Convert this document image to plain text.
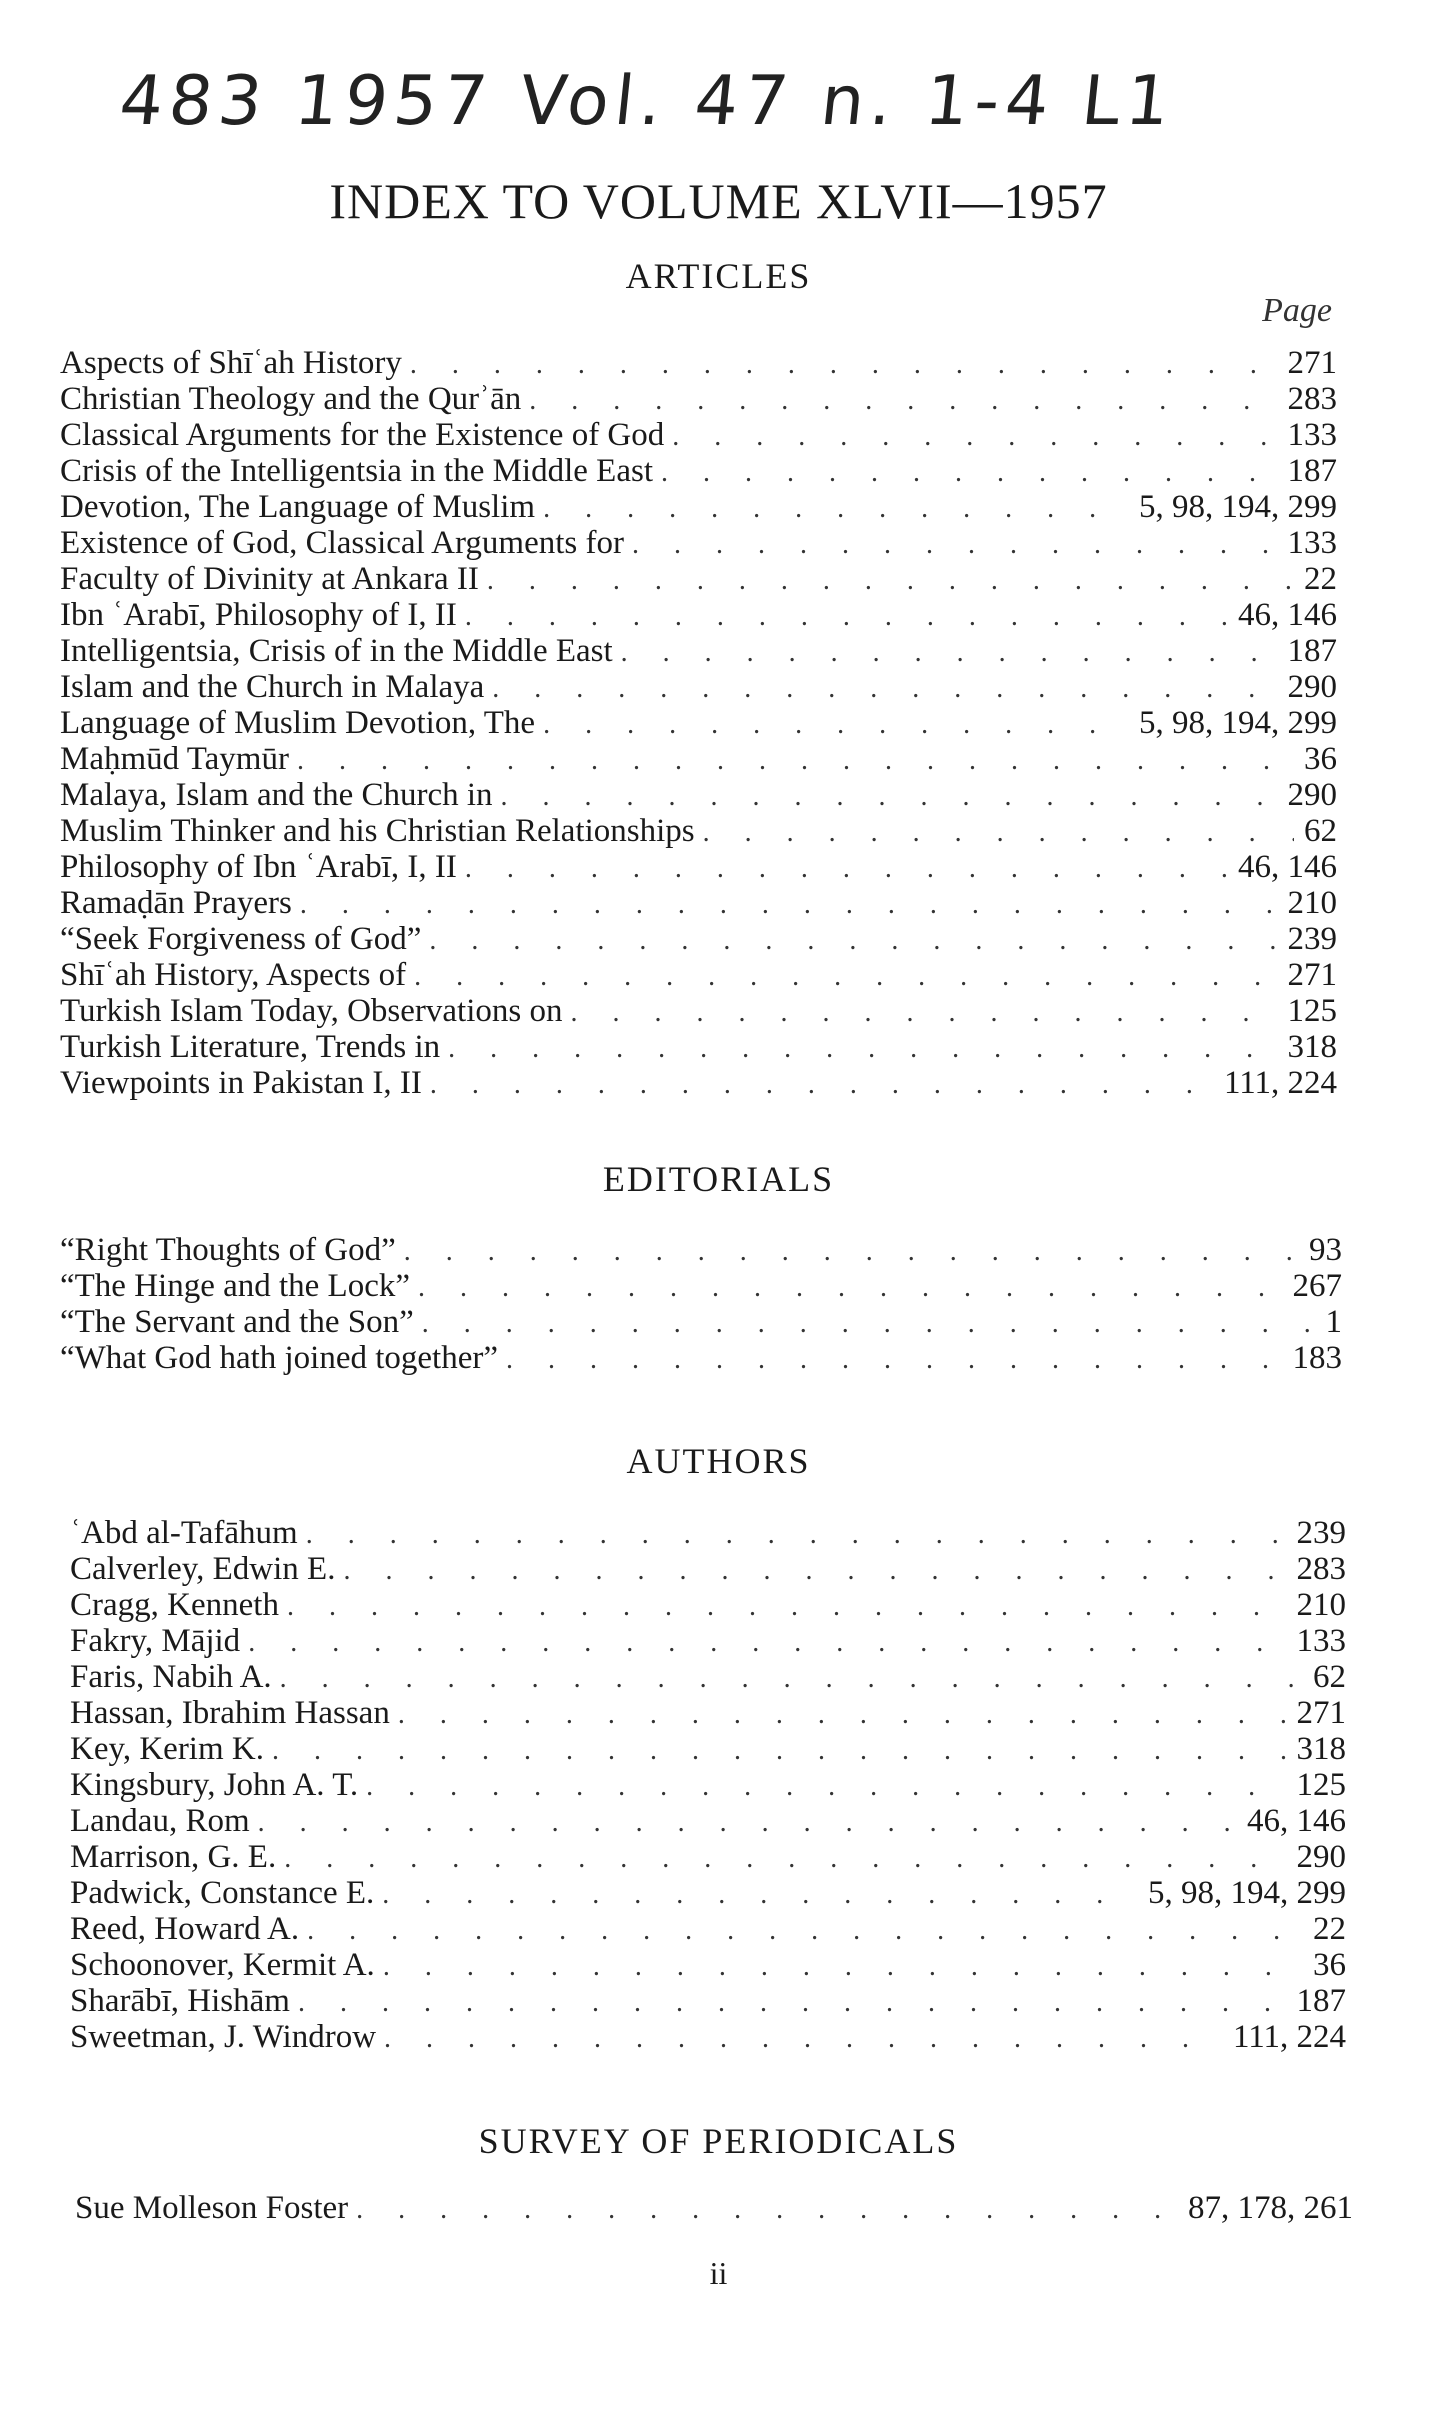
483 1957 Vol. 47 n. 1-4 L1
INDEX TO VOLUME XLVII—1957
ARTICLES
Page
Aspects of Shīʿah History . . .	271
Christian Theology and the Qurʾān . . .	283
Classical Arguments for the Existence of God . . .	133
Crisis of the Intelligentsia in the Middle East . . .	187
Devotion, The Language of Muslim . . .	5, 98, 194, 299
Existence of God, Classical Arguments for . . .	133
Faculty of Divinity at Ankara II . . .	22
Ibn ʿArabī, Philosophy of I, II . . .	46, 146
Intelligentsia, Crisis of in the Middle East . . .	187
Islam and the Church in Malaya . . .	290
Language of Muslim Devotion, The . . .	5, 98, 194, 299
Maḥmūd Taymūr . . .	36
Malaya, Islam and the Church in . . .	290
Muslim Thinker and his Christian Relationships . . .	62
Philosophy of Ibn ʿArabī, I, II . . .	46, 146
Ramaḍān Prayers . . .	210
“Seek Forgiveness of God” . . .	239
Shīʿah History, Aspects of . . .	271
Turkish Islam Today, Observations on . . .	125
Turkish Literature, Trends in . . .	318
Viewpoints in Pakistan I, II . . .	111, 224
EDITORIALS
“Right Thoughts of God” . . .	93
“The Hinge and the Lock” . . .	267
“The Servant and the Son” . . .	1
“What God hath joined together” . . .	183
AUTHORS
ʿAbd al-Tafāhum . . .	239
Calverley, Edwin E. . . .	283
Cragg, Kenneth . . .	210
Fakry, Mājid . . .	133
Faris, Nabih A. . . .	62
Hassan, Ibrahim Hassan . . .	271
Key, Kerim K. . . .	318
Kingsbury, John A. T. . . .	125
Landau, Rom . . .	46, 146
Marrison, G. E. . . .	290
Padwick, Constance E. . . .	5, 98, 194, 299
Reed, Howard A. . . .	22
Schoonover, Kermit A. . . .	36
Sharābī, Hishām . . .	187
Sweetman, J. Windrow . . .	111, 224
SURVEY OF PERIODICALS
Sue Molleson Foster . . .	87, 178, 261
ii
